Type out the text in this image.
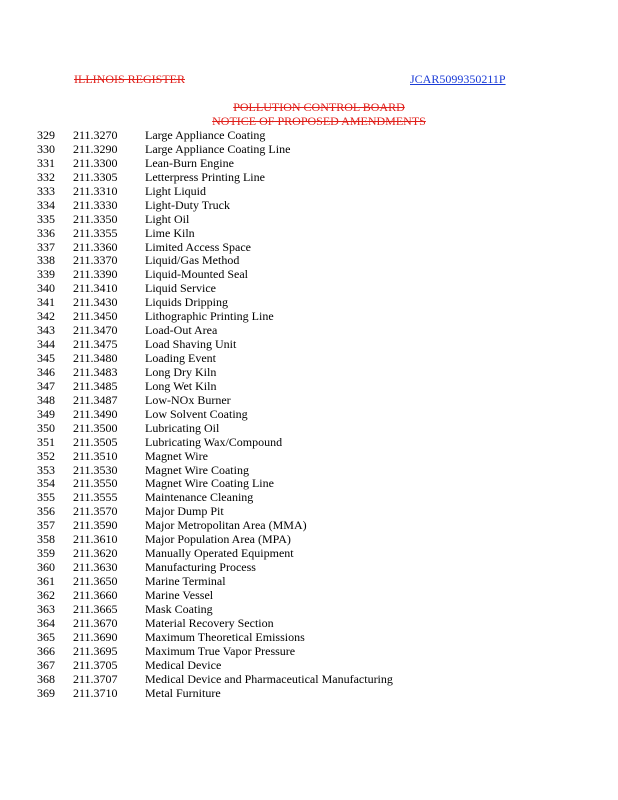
ILLINOIS REGISTER	JCAR5099350211P
POLLUTION CONTROL BOARD
NOTICE OF PROPOSED AMENDMENTS
329 211.3270 Large Appliance Coating
330 211.3290 Large Appliance Coating Line
331 211.3300 Lean-Burn Engine
332 211.3305 Letterpress Printing Line
333 211.3310 Light Liquid
334 211.3330 Light-Duty Truck
335 211.3350 Light Oil
336 211.3355 Lime Kiln
337 211.3360 Limited Access Space
338 211.3370 Liquid/Gas Method
339 211.3390 Liquid-Mounted Seal
340 211.3410 Liquid Service
341 211.3430 Liquids Dripping
342 211.3450 Lithographic Printing Line
343 211.3470 Load-Out Area
344 211.3475 Load Shaving Unit
345 211.3480 Loading Event
346 211.3483 Long Dry Kiln
347 211.3485 Long Wet Kiln
348 211.3487 Low-NOx Burner
349 211.3490 Low Solvent Coating
350 211.3500 Lubricating Oil
351 211.3505 Lubricating Wax/Compound
352 211.3510 Magnet Wire
353 211.3530 Magnet Wire Coating
354 211.3550 Magnet Wire Coating Line
355 211.3555 Maintenance Cleaning
356 211.3570 Major Dump Pit
357 211.3590 Major Metropolitan Area (MMA)
358 211.3610 Major Population Area (MPA)
359 211.3620 Manually Operated Equipment
360 211.3630 Manufacturing Process
361 211.3650 Marine Terminal
362 211.3660 Marine Vessel
363 211.3665 Mask Coating
364 211.3670 Material Recovery Section
365 211.3690 Maximum Theoretical Emissions
366 211.3695 Maximum True Vapor Pressure
367 211.3705 Medical Device
368 211.3707 Medical Device and Pharmaceutical Manufacturing
369 211.3710 Metal Furniture
